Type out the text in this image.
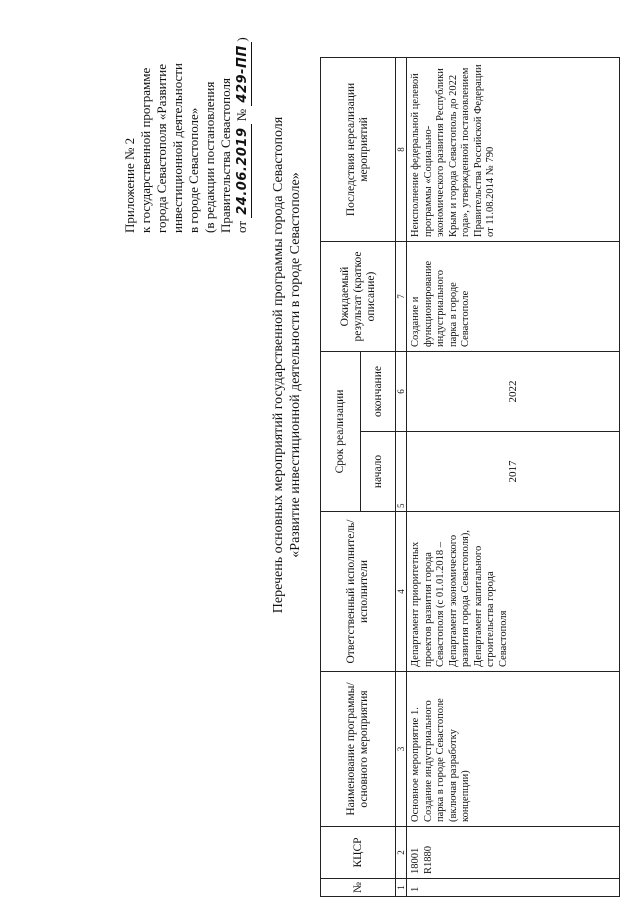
Приложение № 2 к государственной программе города Севастополя «Развитие инвестиционной деятельности в городе Севастополе» (в редакции постановления Правительства Севастополя от 24.06.2019 № 429-ПП)
Перечень основных мероприятий государственной программы города Севастополя «Развитие инвестиционной деятельности в городе Севастополе»
№
КЦСР
Наименование программы/ основного мероприятия
Ответственный исполнитель/ исполнители
Срок реализации	начало
окончание
Ожидаемый результат (краткое описание)
Последствия нереализации мероприятий
1
2
3
4
5
6
7
8
1
18001 R1880
Основное мероприятие 1. Создание индустриального парка в городе Севастополе (включая разработку концепции)
Департамент приоритетных проектов развития города Севастополя (с 01.01.2018 – Департамент экономического развития города Севастополя), Департамент капитального строительства города Севастополя
2017
2022
Создание и функционирование индустриального парка в городе Севастополе
Неисполнение федеральной целевой программы «Социально-экономического развития Республики Крым и города Севастополь до 2022 года», утвержденной постановлением Правительства Российской Федерации от 11.08.2014 № 790
